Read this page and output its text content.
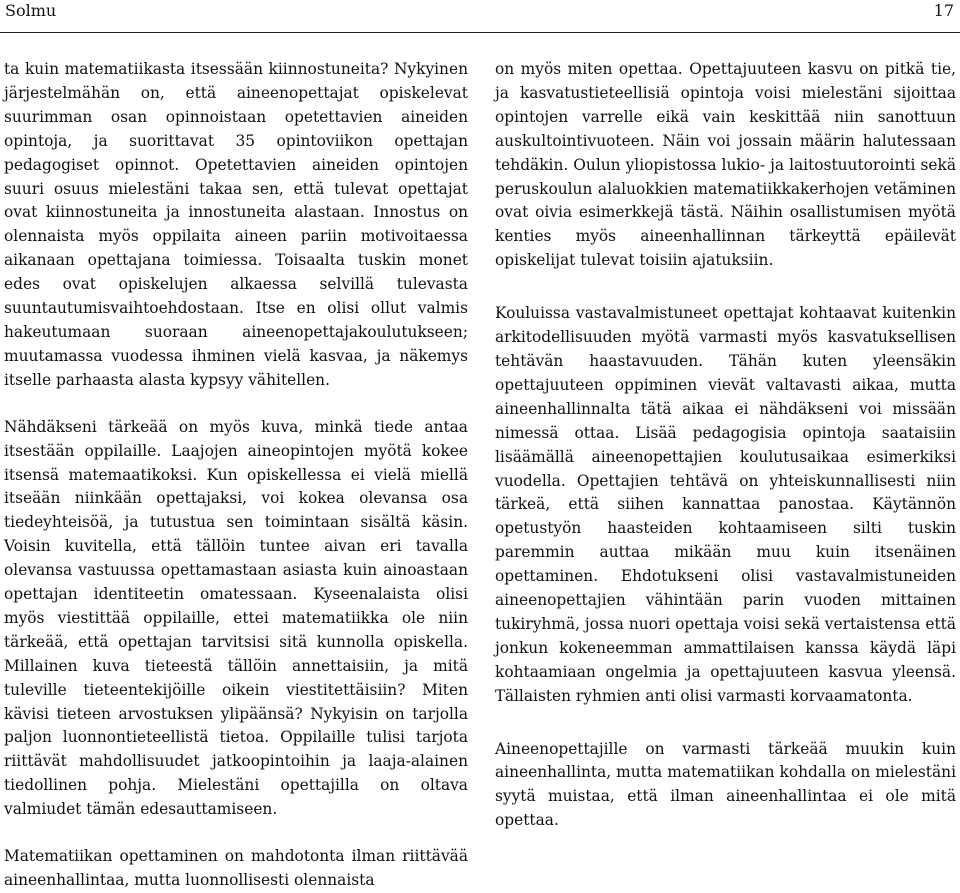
Solmu	17

ta kuin matematiikasta itsessään kiinnostuneita? Nykyinen järjestelmähän on, että aineenopettajat opiskelevat suurimman osan opinnoistaan opetettavien aineiden opintoja, ja suorittavat 35 opintoviikon opettajan pedagogiset opinnot. Opetettavien aineiden opintojen suuri osuus mielestäni takaa sen, että tulevat opettajat ovat kiinnostuneita ja innostuneita alastaan. Innostus on olennaista myös oppilaita aineen pariin motivoitaessa aikanaan opettajana toimiessa. Toisaalta tuskin monet edes ovat opiskelujen alkaessa selvillä tulevasta suuntautumisvaihtoehdostaan. Itse en olisi ollut valmis hakeutumaan suoraan aineenopettajakoulutukseen; muutamassa vuodessa ihminen vielä kasvaa, ja näkemys itselle parhaasta alasta kypsyy vähitellen.

Nähdäkseni tärkeää on myös kuva, minkä tiede antaa itsestään oppilaille. Laajojen aineopintojen myötä kokee itsensä matemaatikoksi. Kun opiskellessa ei vielä miellä itseään niinkään opettajaksi, voi kokea olevansa osa tiedeyhteisöä, ja tutustua sen toimintaan sisältä käsin. Voisin kuvitella, että tällöin tuntee aivan eri tavalla olevansa vastuussa opettamastaan asiasta kuin ainoastaan opettajan identiteetin omatessaan. Kyseenalaista olisi myös viestittää oppilaille, ettei matematiikka ole niin tärkeää, että opettajan tarvitsisi sitä kunnolla opiskella. Millainen kuva tieteestä tällöin annettaisiin, ja mitä tuleville tieteentekijöille oikein viestitettäisiin? Miten kävisi tieteen arvostuksen ylipäänsä? Nykyisin on tarjolla paljon luonnontieteellistä tietoa. Oppilaille tulisi tarjota riittävät mahdollisuudet jatkoopintoihin ja laaja-alainen tiedollinen pohja. Mielestäni opettajilla on oltava valmiudet tämän edesauttamiseen.

Matematiikan opettaminen on mahdotonta ilman riittävää aineenhallintaa, mutta luonnollisesti olennaista

on myös miten opettaa. Opettajuuteen kasvu on pitkä tie, ja kasvatustieteellisiä opintoja voisi mielestäni sijoittaa opintojen varrelle eikä vain keskittää niin sanottuun auskultointivuoteen. Näin voi jossain määrin halutessaan tehdäkin. Oulun yliopistossa lukio- ja laitostuutorointi sekä peruskoulun alaluokkien matematiikkakerhojen vetäminen ovat oivia esimerkkejä tästä. Näihin osallistumisen myötä kenties myös aineenhallinnan tärkeyttä epäilevät opiskelijat tulevat toisiin ajatuksiin.

Kouluissa vastavalmistuneet opettajat kohtaavat kuitenkin arkitodellisuuden myötä varmasti myös kasvatuksellisen tehtävän haastavuuden. Tähän kuten yleensäkin opettajuuteen oppiminen vievät valtavasti aikaa, mutta aineenhallinnalta tätä aikaa ei nähdäkseni voi missään nimessä ottaa. Lisää pedagogisia opintoja saataisiin lisäämällä aineenopettajien koulutusaikaa esimerkiksi vuodella. Opettajien tehtävä on yhteiskunnallisesti niin tärkeä, että siihen kannattaa panostaa. Käytännön opetustyön haasteiden kohtaamiseen silti tuskin paremmin auttaa mikään muu kuin itsenäinen opettaminen. Ehdotukseni olisi vastavalmistuneiden aineenopettajien vähintään parin vuoden mittainen tukiryhmä, jossa nuori opettaja voisi sekä vertaistensa että jonkun kokeneemman ammattilaisen kanssa käydä läpi kohtaamiaan ongelmia ja opettajuuteen kasvua yleensä. Tällaisten ryhmien anti olisi varmasti korvaamatonta.

Aineenopettajille on varmasti tärkeää muukin kuin aineenhallinta, mutta matematiikan kohdalla on mielestäni syytä muistaa, että ilman aineenhallintaa ei ole mitä opettaa.
